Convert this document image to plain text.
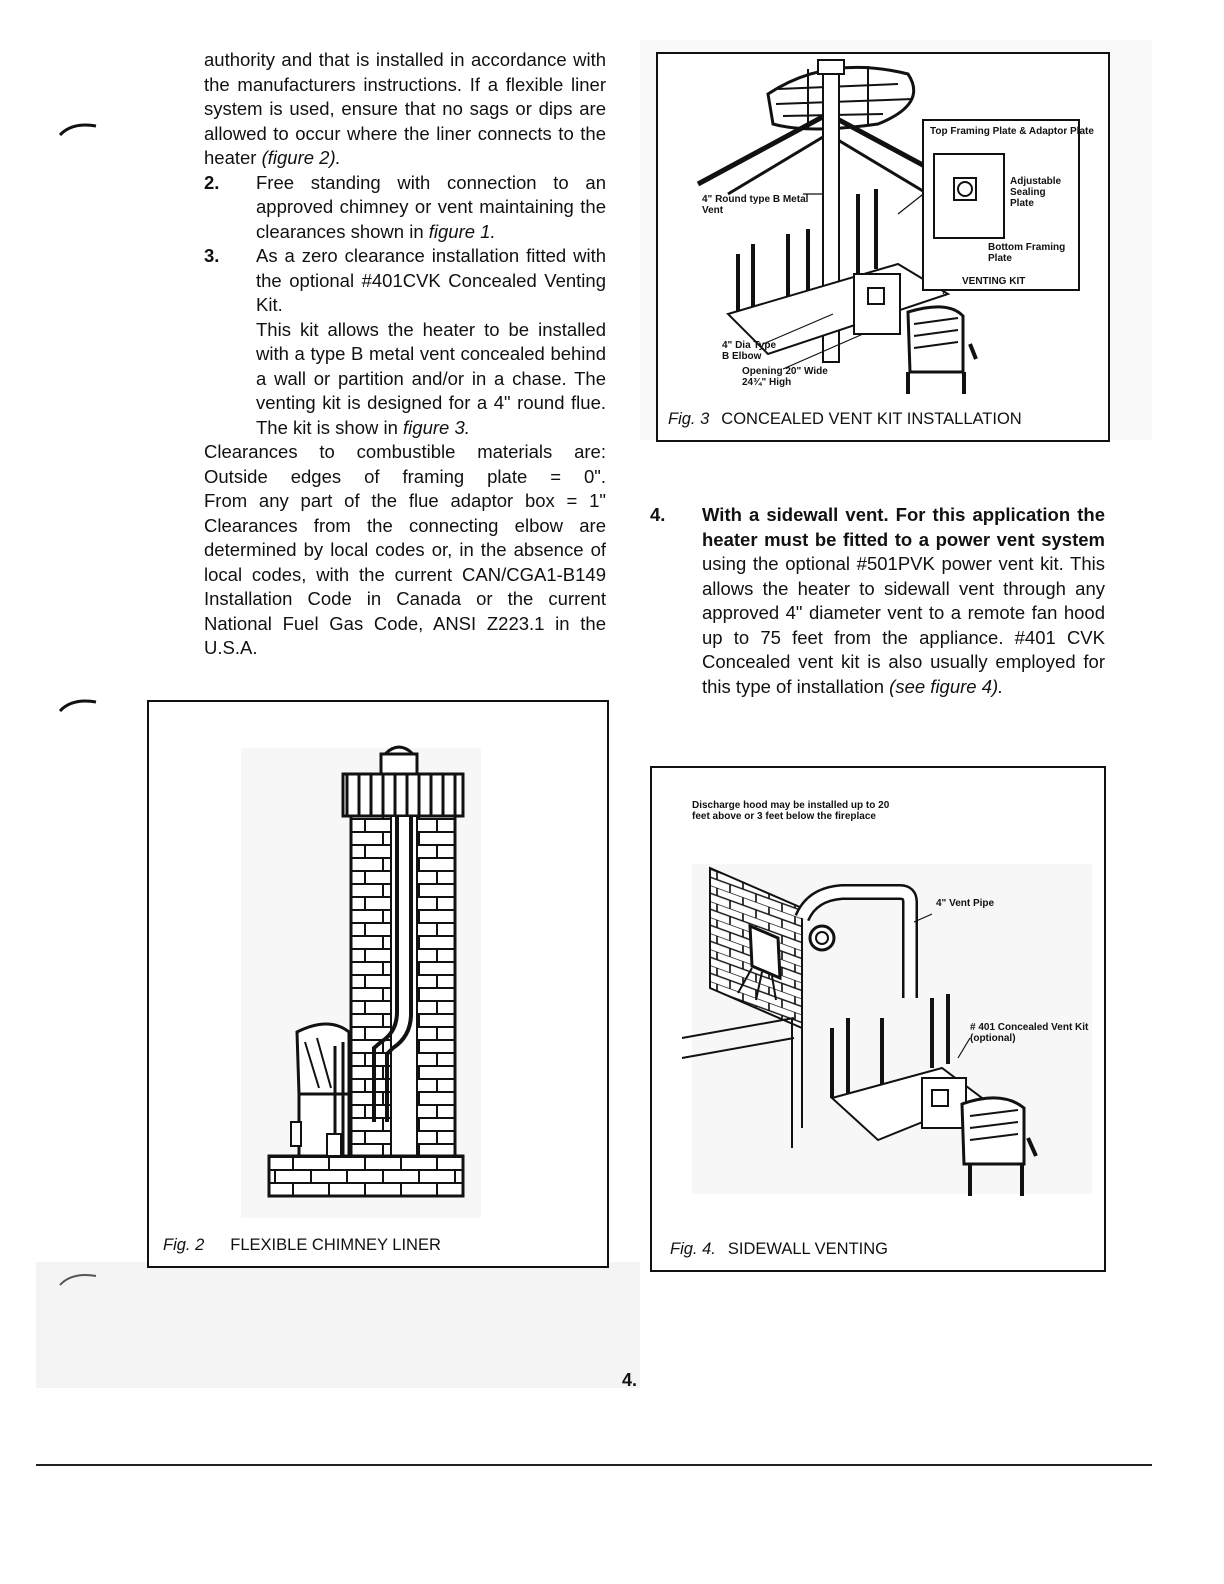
authority and that is installed in accordance with the manufacturers instructions. If a flexible liner system is used, ensure that no sags or dips are allowed to occur where the liner connects to the heater (figure 2).

2. Free standing with connection to an approved chimney or vent maintaining the clearances shown in figure 1.
3. As a zero clearance installation fitted with the optional #401CVK Concealed Venting Kit.
This kit allows the heater to be installed with a type B metal vent concealed behind a wall or partition and/or in a chase. The venting kit is designed for a 4" round flue. The kit is show in figure 3.

Clearances to combustible materials are:

Outside edges of framing plate = 0".

From any part of the flue adaptor box = 1"

Clearances from the connecting elbow are determined by local codes or, in the absence of local codes, with the current CAN/CGA1-B149 Installation Code in Canada or the current National Fuel Gas Code, ANSI Z223.1 in the U.S.A.

Top Framing Plate & Adaptor Plate
Adjustable Sealing Plate
Bottom Framing Plate
VENTING KIT
4" Round type B Metal Vent
4" Dia Type B Elbow
Opening 20" Wide 24¾" High
Fig. 3 CONCEALED VENT KIT INSTALLATION
4. With a sidewall vent. For this application the heater must be fitted to a power vent system using the optional #501PVK power vent kit. This allows the heater to sidewall vent through any approved 4" diameter vent to a remote fan hood up to 75 feet from the appliance. #401 CVK Concealed vent kit is also usually employed for this type of installation (see figure 4).
Fig. 2 FLEXIBLE CHIMNEY LINER
Discharge hood may be installed up to 20 feet above or 3 feet below the fireplace
4" Vent Pipe
# 401 Concealed Vent Kit (optional)
Fig. 4. SIDEWALL VENTING
4.
